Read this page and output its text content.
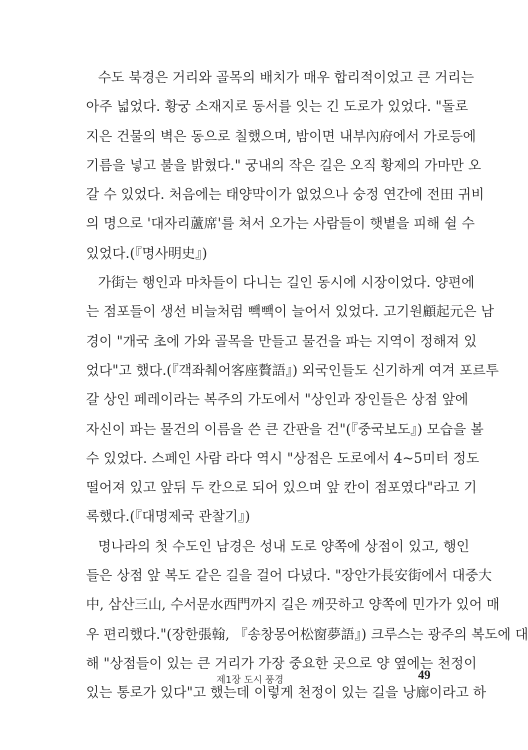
수도 북경은 거리와 골목의 배치가 매우 합리적이었고 큰 거리는
아주 넓었다. 황궁 소재지로 동서를 잇는 긴 도로가 있었다. "돌로
지은 건물의 벽은 동으로 칠했으며, 밤이면 내부內府에서 가로등에
기름을 넣고 불을 밝혔다." 궁내의 작은 길은 오직 황제의 가마만 오
갈 수 있었다. 처음에는 태양막이가 없었으나 숭정 연간에 전田 귀비
의 명으로 '대자리蘆席'를 쳐서 오가는 사람들이 햇볕을 피해 쉴 수
있었다.(『명사明史』)
가街는 행인과 마차들이 다니는 길인 동시에 시장이었다. 양편에
는 점포들이 생선 비늘처럼 빽빽이 늘어서 있었다. 고기원顧起元은 남
경이 "개국 초에 가와 골목을 만들고 물건을 파는 지역이 정해져 있
었다"고 했다.(『객좌췌어客座贅語』) 외국인들도 신기하게 여겨 포르투
갈 상인 페레이라는 복주의 가도에서 "상인과 장인들은 상점 앞에
자신이 파는 물건의 이름을 쓴 큰 간판을 건"(『중국보도』) 모습을 볼
수 있었다. 스페인 사람 라다 역시 "상점은 도로에서 4~5미터 정도
떨어져 있고 앞뒤 두 칸으로 되어 있으며 앞 칸이 점포였다"라고 기
록했다.(『대명제국 관찰기』)
명나라의 첫 수도인 남경은 성내 도로 양쪽에 상점이 있고, 행인
들은 상점 앞 복도 같은 길을 걸어 다녔다. "장안가長安街에서 대중大
中, 삼산三山, 수서문水西門까지 길은 깨끗하고 양쪽에 민가가 있어 매
우 편리했다."(장한張翰, 『송창몽어松窗夢語』) 크루스는 광주의 복도에 대
해 "상점들이 있는 큰 거리가 가장 중요한 곳으로 양 옆에는 천정이
있는 통로가 있다"고 했는데 이렇게 천정이 있는 길을 낭廊이라고 하
제1장 도시 풍경	49
